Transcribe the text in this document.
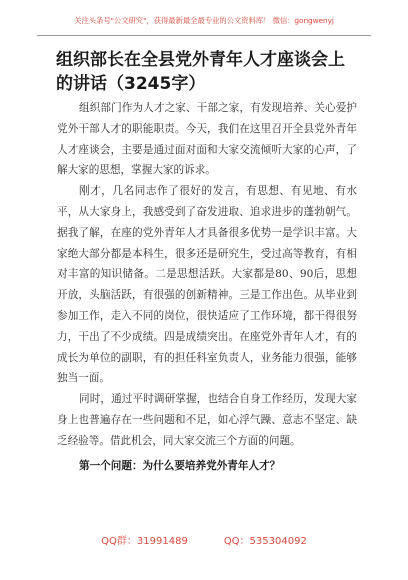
关注头条号"公文研究"，获得最新最全最专业的公文资料库！ 微信：gongwenyj
组织部长在全县党外青年人才座谈会上的讲话（3245字）

组织部门作为人才之家、干部之家，有发现培养、关心爱护党外干部人才的职能职责。今天，我们在这里召开全县党外青年人才座谈会，主要是通过面对面和大家交流倾听大家的心声，了解大家的思想，掌握大家的诉求。

刚才，几名同志作了很好的发言，有思想、有见地、有水平，从大家身上，我感受到了奋发进取、追求进步的蓬勃朝气。据我了解，在座的党外青年人才具备很多优势一是学识丰富。大家绝大部分都是本科生，很多还是研究生，受过高等教育，有相对丰富的知识储备。二是思想活跃。大家都是80、90后，思想开放，头脑活跃，有很强的创新精神。三是工作出色。从毕业到参加工作，走入不同的岗位，很快适应了工作环境，都干得很努力，干出了不少成绩。四是成绩突出。在座党外青年人才，有的成长为单位的副职，有的担任科室负责人，业务能力很强，能够独当一面。

同时，通过平时调研掌握，也结合自身工作经历，发现大家身上也普遍存在一些问题和不足，如心浮气躁、意志不坚定、缺乏经验等。借此机会，同大家交流三个方面的问题。

第一个问题：为什么要培养党外青年人才？

QQ群：31991489	QQ：535304092
